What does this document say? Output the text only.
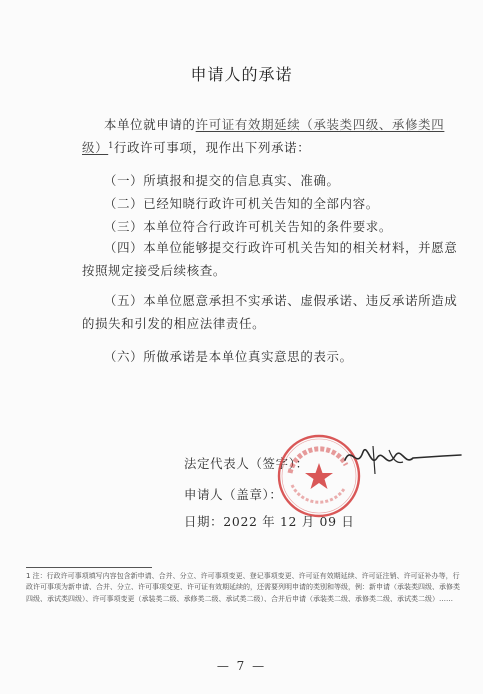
申请人的承诺
本单位就申请的许可证有效期延续（承装类四级、承修类四级）$^1$行政许可事项，现作出下列承诺：
（一）所填报和提交的信息真实、准确。
（二）已经知晓行政许可机关告知的全部内容。
（三）本单位符合行政许可机关告知的条件要求。
（四）本单位能够提交行政许可机关告知的相关材料，并愿意按照规定接受后续核查。
（五）本单位愿意承担不实承诺、虚假承诺、违反承诺所造成的损失和引发的相应法律责任。
（六）所做承诺是本单位真实意思的表示。
法定代表人（签字）：
申请人（盖章）：
日期：2022 年 12 月 09 日
1 注：行政许可事项填写内容包含新申请、合并、分立、许可事项变更、登记事项变更、许可证有效期延续、许可证注销、许可证补办等，行政许可事项为新申请、合并、分立、许可事项变更、许可证有效期延续的，还需要列明申请的类别和等级，例：新申请（承装类四级、承修类四级、承试类四级）、许可事项变更（承装类二级、承修类二级、承试类二级）、合并后申请（承装类二级、承修类二级、承试类二级）……
— 7 —
